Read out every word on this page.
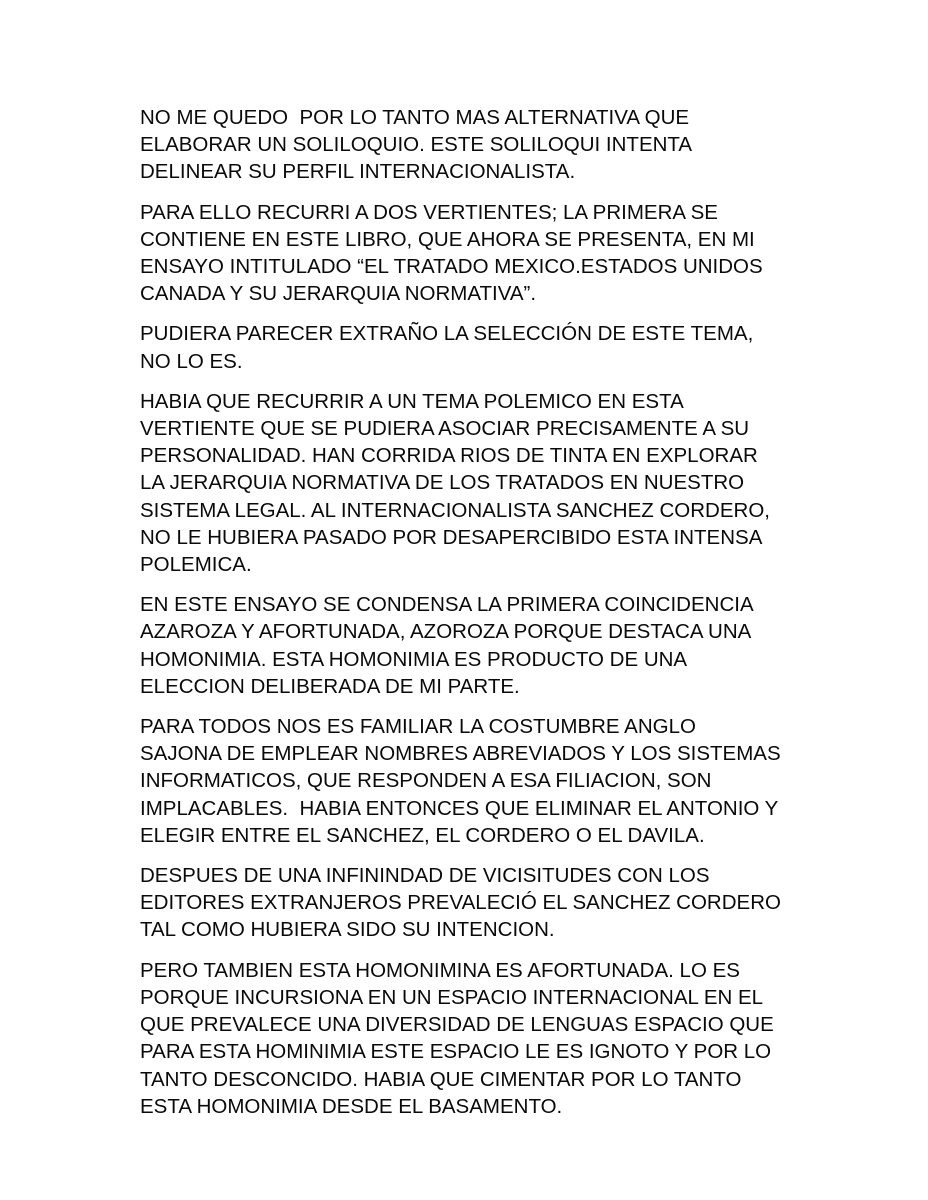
NO ME QUEDO  POR LO TANTO MAS ALTERNATIVA QUE
ELABORAR UN SOLILOQUIO. ESTE SOLILOQUI INTENTA
DELINEAR SU PERFIL INTERNACIONALISTA.

PARA ELLO RECURRI A DOS VERTIENTES; LA PRIMERA SE
CONTIENE EN ESTE LIBRO, QUE AHORA SE PRESENTA, EN MI
ENSAYO INTITULADO “EL TRATADO MEXICO.ESTADOS UNIDOS
CANADA Y SU JERARQUIA NORMATIVA”.

PUDIERA PARECER EXTRAÑO LA SELECCIÓN DE ESTE TEMA,
NO LO ES.

HABIA QUE RECURRIR A UN TEMA POLEMICO EN ESTA
VERTIENTE QUE SE PUDIERA ASOCIAR PRECISAMENTE A SU
PERSONALIDAD. HAN CORRIDA RIOS DE TINTA EN EXPLORAR
LA JERARQUIA NORMATIVA DE LOS TRATADOS EN NUESTRO
SISTEMA LEGAL. AL INTERNACIONALISTA SANCHEZ CORDERO,
NO LE HUBIERA PASADO POR DESAPERCIBIDO ESTA INTENSA
POLEMICA.

EN ESTE ENSAYO SE CONDENSA LA PRIMERA COINCIDENCIA
AZAROZA Y AFORTUNADA, AZOROZA PORQUE DESTACA UNA
HOMONIMIA. ESTA HOMONIMIA ES PRODUCTO DE UNA
ELECCION DELIBERADA DE MI PARTE.

PARA TODOS NOS ES FAMILIAR LA COSTUMBRE ANGLO
SAJONA DE EMPLEAR NOMBRES ABREVIADOS Y LOS SISTEMAS
INFORMATICOS, QUE RESPONDEN A ESA FILIACION, SON
IMPLACABLES.  HABIA ENTONCES QUE ELIMINAR EL ANTONIO Y
ELEGIR ENTRE EL SANCHEZ, EL CORDERO O EL DAVILA.

DESPUES DE UNA INFININDAD DE VICISITUDES CON LOS
EDITORES EXTRANJEROS PREVALECIÓ EL SANCHEZ CORDERO
TAL COMO HUBIERA SIDO SU INTENCION.

PERO TAMBIEN ESTA HOMONIMINA ES AFORTUNADA. LO ES
PORQUE INCURSIONA EN UN ESPACIO INTERNACIONAL EN EL
QUE PREVALECE UNA DIVERSIDAD DE LENGUAS ESPACIO QUE
PARA ESTA HOMINIMIA ESTE ESPACIO LE ES IGNOTO Y POR LO
TANTO DESCONCIDO. HABIA QUE CIMENTAR POR LO TANTO
ESTA HOMONIMIA DESDE EL BASAMENTO.
